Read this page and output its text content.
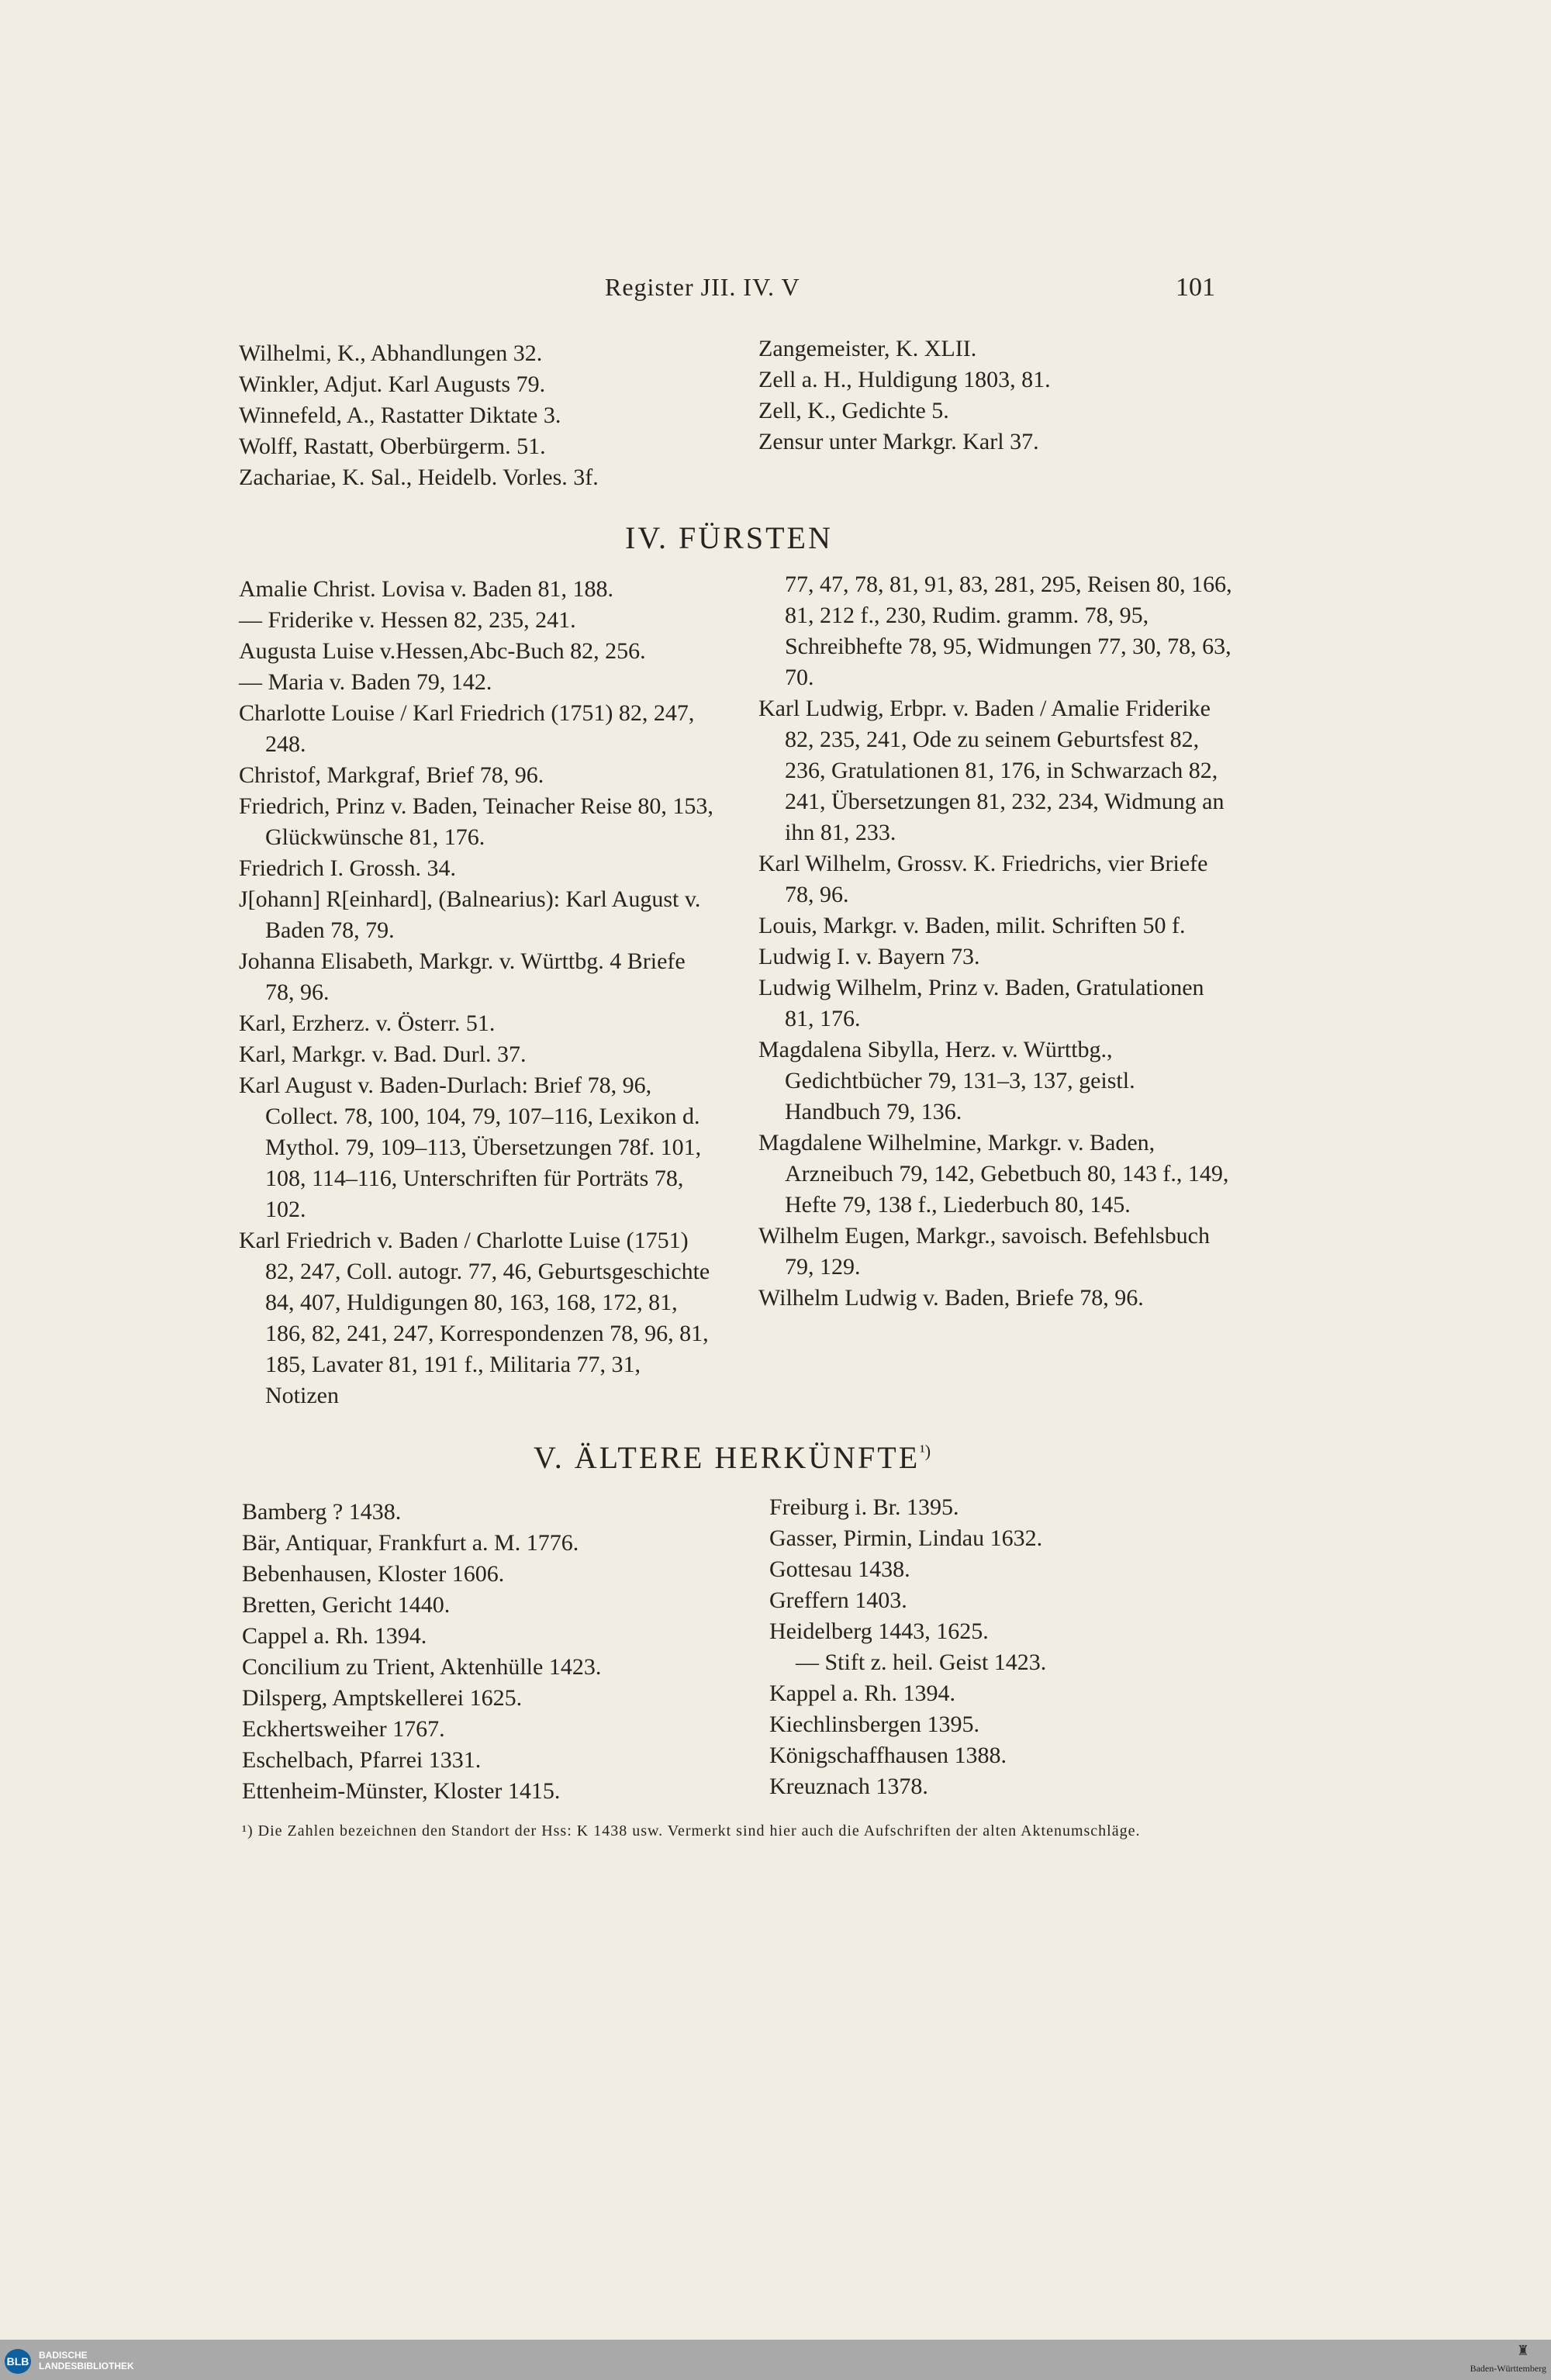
Register JII. IV. V	101
Wilhelmi, K., Abhandlungen 32.
Winkler, Adjut. Karl Augusts 79.
Winnefeld, A., Rastatter Diktate 3.
Wolff, Rastatt, Oberbürgerm. 51.
Zachariae, K. Sal., Heidelb. Vorles. 3f.
Zangemeister, K. XLII.
Zell a. H., Huldigung 1803, 81.
Zell, K., Gedichte 5.
Zensur unter Markgr. Karl 37.
IV. FÜRSTEN
Amalie Christ. Lovisa v. Baden 81, 188.
— Friderike v. Hessen 82, 235, 241.
Augusta Luise v.Hessen,Abc-Buch 82, 256.
— Maria v. Baden 79, 142.
Charlotte Louise / Karl Friedrich (1751) 82, 247, 248.
Christof, Markgraf, Brief 78, 96.
Friedrich, Prinz v. Baden, Teinacher Reise 80, 153, Glückwünsche 81, 176.
Friedrich I. Grossh. 34.
J[ohann] R[einhard], (Balnearius): Karl August v. Baden 78, 79.
Johanna Elisabeth, Markgr. v. Württbg. 4 Briefe 78, 96.
Karl, Erzherz. v. Österr. 51.
Karl, Markgr. v. Bad. Durl. 37.
Karl August v. Baden-Durlach: Brief 78, 96, Collect. 78, 100, 104, 79, 107–116, Lexikon d. Mythol. 79, 109–113, Übersetzungen 78f. 101, 108, 114–116, Unterschriften für Porträts 78, 102.
Karl Friedrich v. Baden / Charlotte Luise (1751) 82, 247, Coll. autogr. 77, 46, Geburtsgeschichte 84, 407, Huldigungen 80, 163, 168, 172, 81, 186, 82, 241, 247, Korrespondenzen 78, 96, 81, 185, Lavater 81, 191 f., Militaria 77, 31, Notizen
77, 47, 78, 81, 91, 83, 281, 295, Reisen 80, 166, 81, 212 f., 230, Rudim. gramm. 78, 95, Schreibhefte 78, 95, Widmungen 77, 30, 78, 63, 70.
Karl Ludwig, Erbpr. v. Baden / Amalie Friderike 82, 235, 241, Ode zu seinem Geburtsfest 82, 236, Gratulationen 81, 176, in Schwarzach 82, 241, Übersetzungen 81, 232, 234, Widmung an ihn 81, 233.
Karl Wilhelm, Grossv. K. Friedrichs, vier Briefe 78, 96.
Louis, Markgr. v. Baden, milit. Schriften 50 f.
Ludwig I. v. Bayern 73.
Ludwig Wilhelm, Prinz v. Baden, Gratulationen 81, 176.
Magdalena Sibylla, Herz. v. Württbg., Gedichtbücher 79, 131–3, 137, geistl. Handbuch 79, 136.
Magdalene Wilhelmine, Markgr. v. Baden, Arzneibuch 79, 142, Gebetbuch 80, 143 f., 149, Hefte 79, 138 f., Liederbuch 80, 145.
Wilhelm Eugen, Markgr., savoisch. Befehlsbuch 79, 129.
Wilhelm Ludwig v. Baden, Briefe 78, 96.
V. ÄLTERE $HERKÜNFTE^{^1)}$
Bamberg ? 1438.
Bär, Antiquar, Frankfurt a. M. 1776.
Bebenhausen, Kloster 1606.
Bretten, Gericht 1440.
Cappel a. Rh. 1394.
Concilium zu Trient, Aktenhülle 1423.
Dilsperg, Amptskellerei 1625.
Eckhertsweiher 1767.
Eschelbach, Pfarrei 1331.
Ettenheim-Münster, Kloster 1415.
Freiburg i. Br. 1395.
Gasser, Pirmin, Lindau 1632.
Gottesau 1438.
Greffern 1403.
Heidelberg 1443, 1625.
— Stift z. heil. Geist 1423.
Kappel a. Rh. 1394.
Kiechlinsbergen 1395.
Königschaffhausen 1388.
Kreuznach 1378.
¹) Die Zahlen bezeichnen den Standort der Hss: K 1438 usw. Vermerkt sind hier auch die Aufschriften der alten Aktenumschläge.
BLB BADISCHE
LANDESBIBLIOTHEK
♜
Baden-Württemberg
